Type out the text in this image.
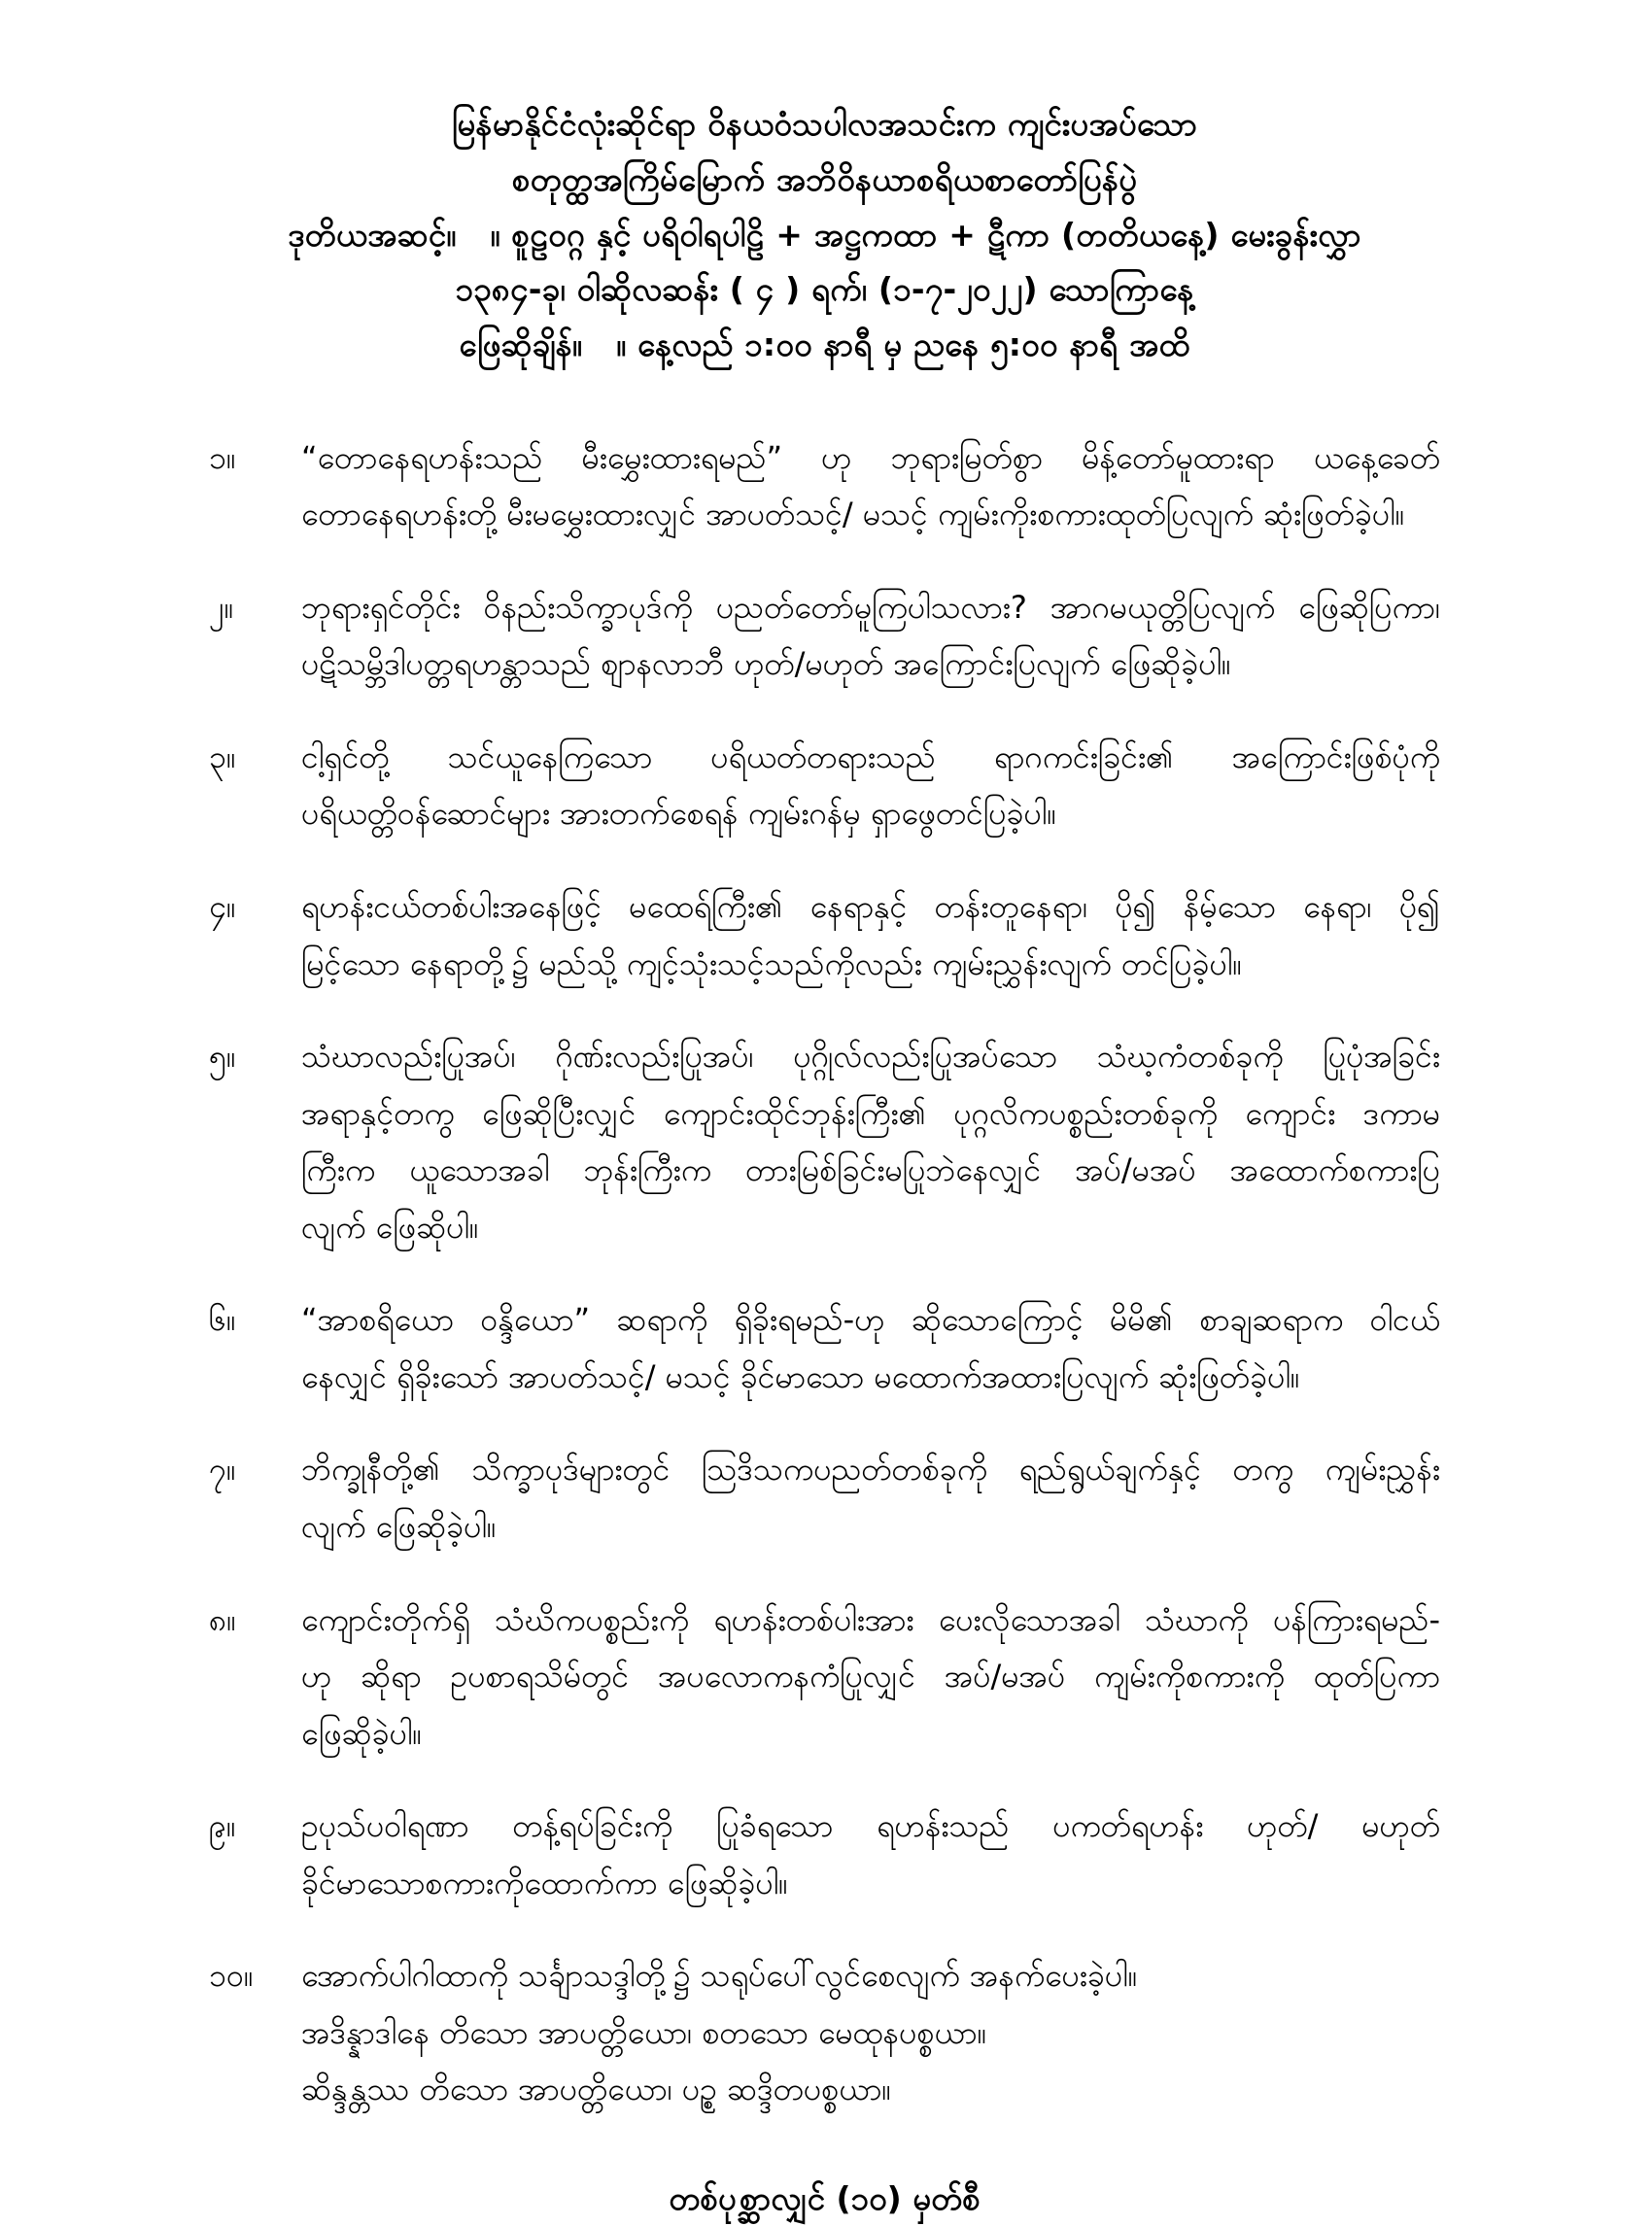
မြန်မာနိုင်ငံလုံးဆိုင်ရာ ဝိနယဝံသပါလအသင်းက ကျင်းပအပ်သော
စတုတ္ထအကြိမ်မြောက် အဘိဝိနယာစရိယစာတော်ပြန်ပွဲ
ဒုတိယအဆင့်။   ။ စူဠဝဂ္ဂ နှင့် ပရိဝါရပါဠိ + အဋ္ဌကထာ + ဋီကာ (တတိယနေ့) မေးခွန်းလွှာ
၁၃၈၄-ခု၊ ဝါဆိုလဆန်း ( ၄ ) ရက်၊ (၁-၇-၂၀၂၂) သောကြာနေ့
ဖြေဆိုချိန်။   ။ နေ့လည် ၁:၀၀ နာရီ မှ ညနေ ၅:၀၀ နာရီ အထိ
၁။	“တောနေရဟန်းသည် မီးမွှေးထားရမည်” ဟု ဘုရားမြတ်စွာ မိန့်တော်မူထားရာ ယနေ့ခေတ်
တောနေရဟန်းတို့ မီးမမွှေးထားလျှင် အာပတ်သင့်/ မသင့် ကျမ်းကိုးစကားထုတ်ပြလျက် ဆုံးဖြတ်ခဲ့ပါ။
၂။	ဘုရားရှင်တိုင်း ဝိနည်းသိက္ခာပုဒ်ကို ပညတ်တော်မူကြပါသလား? အာဂမယုတ္တိပြလျက် ဖြေဆိုပြကာ၊
ပဋိသမ္ဘိဒါပတ္တရဟန္တာသည် စျာနလာဘီ ဟုတ်/မဟုတ် အကြောင်းပြလျက် ဖြေဆိုခဲ့ပါ။
၃။	ငါ့ရှင်တို့ သင်ယူနေကြသော ပရိယတ်တရားသည် ရာဂကင်းခြင်း၏ အကြောင်းဖြစ်ပုံကို
ပရိယတ္တိဝန်ဆောင်များ အားတက်စေရန် ကျမ်းဂန်မှ ရှာဖွေတင်ပြခဲ့ပါ။
၄။	ရဟန်းငယ်တစ်ပါးအနေဖြင့် မထေရ်ကြီး၏ နေရာနှင့် တန်းတူနေရာ၊ ပို၍ နိမ့်သော နေရာ၊ ပို၍
မြင့်သော နေရာတို့၌ မည်သို့ ကျင့်သုံးသင့်သည်ကိုလည်း ကျမ်းညွှန်းလျက် တင်ပြခဲ့ပါ။
၅။	သံဃာလည်းပြုအပ်၊ ဂိုဏ်းလည်းပြုအပ်၊ ပုဂ္ဂိုလ်လည်းပြုအပ်သော သံဃ့ကံတစ်ခုကို ပြုပုံအခြင်း
အရာနှင့်တကွ ဖြေဆိုပြီးလျှင် ကျောင်းထိုင်ဘုန်းကြီး၏ ပုဂ္ဂလိကပစ္စည်းတစ်ခုကို ကျောင်း ဒကာမ
ကြီးက ယူသောအခါ ဘုန်းကြီးက တားမြစ်ခြင်းမပြုဘဲနေလျှင် အပ်/မအပ် အထောက်စကားပြ
လျက် ဖြေဆိုပါ။
၆။	“အာစရိယော ဝန္ဒိယော” ဆရာကို ရှိခိုးရမည်-ဟု ဆိုသောကြောင့် မိမိ၏ စာချဆရာက ဝါငယ်
နေလျှင် ရှိခိုးသော် အာပတ်သင့်/ မသင့် ခိုင်မာသော မထောက်အထားပြလျက် ဆုံးဖြတ်ခဲ့ပါ။
၇။	ဘိက္ခုနီတို့၏ သိက္ခာပုဒ်များတွင် သြဒိသကပညတ်တစ်ခုကို ရည်ရွယ်ချက်နှင့် တကွ ကျမ်းညွှန်း
လျက် ဖြေဆိုခဲ့ပါ။
၈။	ကျောင်းတိုက်ရှိ သံဃိကပစ္စည်းကို ရဟန်းတစ်ပါးအား ပေးလိုသောအခါ သံဃာကို ပန်ကြားရမည်-
ဟု ဆိုရာ ဥပစာရသိမ်တွင် အပလောကနကံပြုလျှင် အပ်/မအပ် ကျမ်းကိုစကားကို ထုတ်ပြကာ
ဖြေဆိုခဲ့ပါ။
၉။	ဥပုသ်ပဝါရဏာ တန့်ရပ်ခြင်းကို ပြုခံရသော ရဟန်းသည် ပကတ်ရဟန်း ဟုတ်/ မဟုတ်
ခိုင်မာသောစကားကိုထောက်ကာ ဖြေဆိုခဲ့ပါ။
၁၀။	အောက်ပါဂါထာကို သင်္ချာသဒ္ဒါတို့၌ သရုပ်ပေါ်လွင်စေလျက် အနက်ပေးခဲ့ပါ။
အဒိန္နာဒါနေ တိသော အာပတ္တိယော၊ စတသော မေထုနပစ္စယာ။
ဆိန္ဒန္တဿ တိသော အာပတ္တိယော၊ ပဉ္စ ဆဒ္ဒိတပစ္စယာ။
တစ်ပုစ္ဆာလျှင် (၁၀) မှတ်စီ
